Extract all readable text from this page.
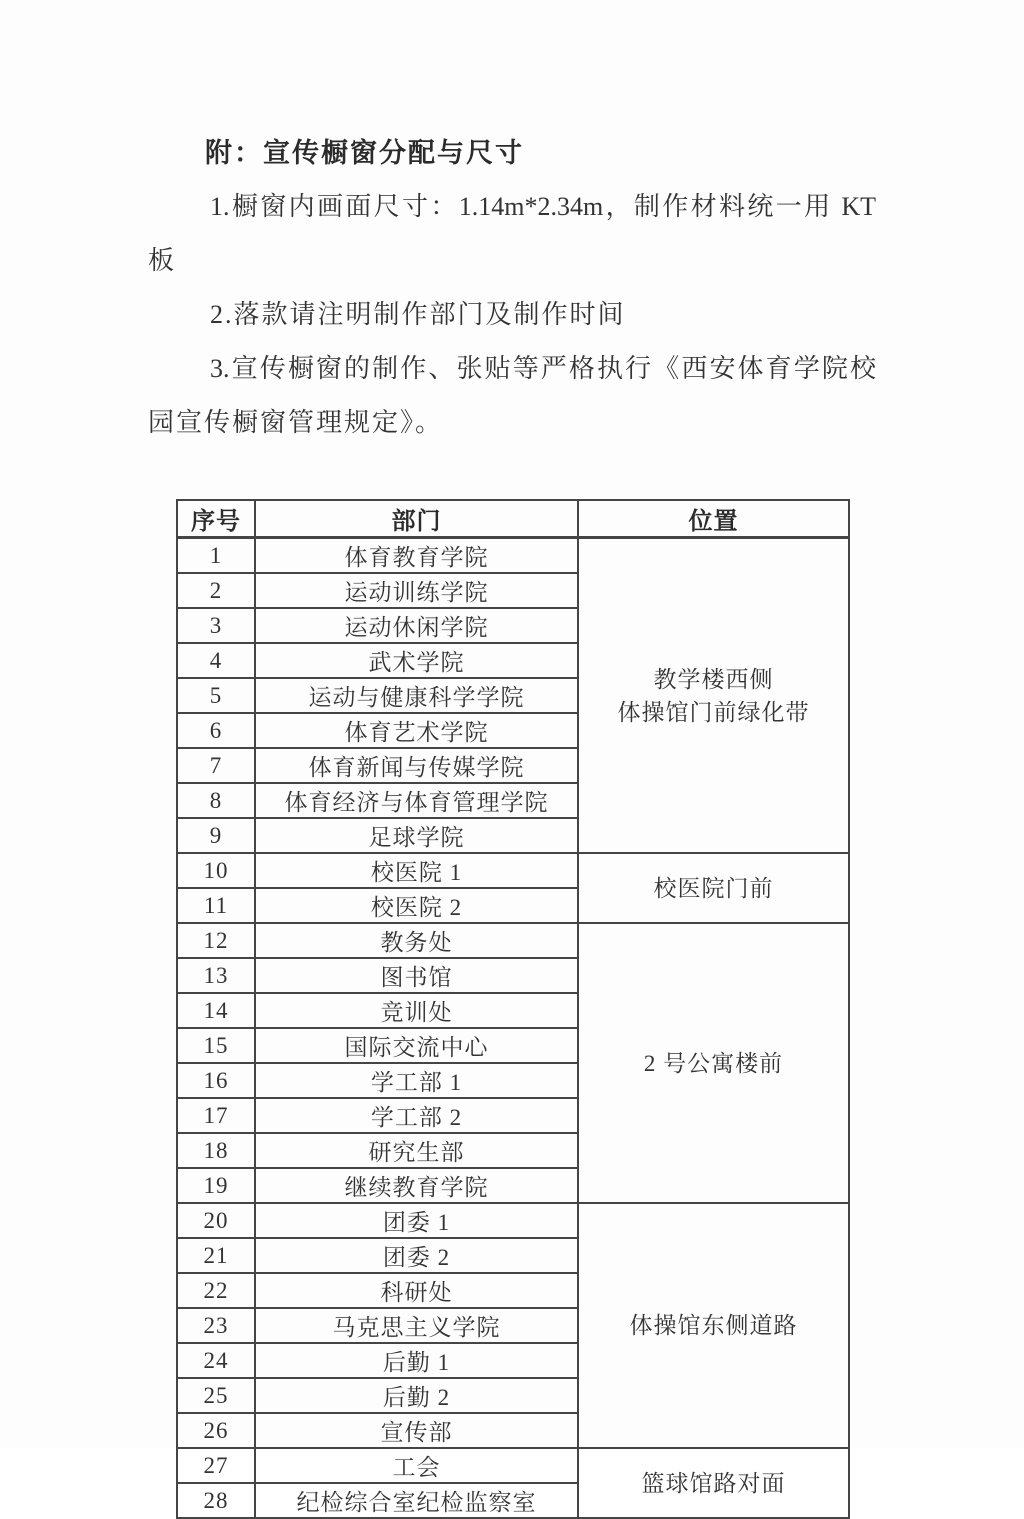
附：宣传橱窗分配与尺寸
1.橱窗内画面尺寸：1.14m*2.34m，制作材料统一用 KT
板
2.落款请注明制作部门及制作时间
3.宣传橱窗的制作、张贴等严格执行《西安体育学院校
园宣传橱窗管理规定》。
序号	部门	位置
1	体育教育学院	教学楼西侧
体操馆门前绿化带

2	运动训练学院	
3	运动休闲学院	
4	武术学院	
5	运动与健康科学学院	
6	体育艺术学院	
7	体育新闻与传媒学院	
8	体育经济与体育管理学院	
9	足球学院	
10	校医院 1	校医院门前

11	校医院 2	
12	教务处	2 号公寓楼前

13	图书馆	
14	竞训处	
15	国际交流中心	
16	学工部 1	
17	学工部 2	
18	研究生部	
19	继续教育学院	
20	团委 1	体操馆东侧道路

21	团委 2	
22	科研处	
23	马克思主义学院	
24	后勤 1	
25	后勤 2	
26	宣传部	
27	工会	篮球馆路对面

28	纪检综合室纪检监察室	
